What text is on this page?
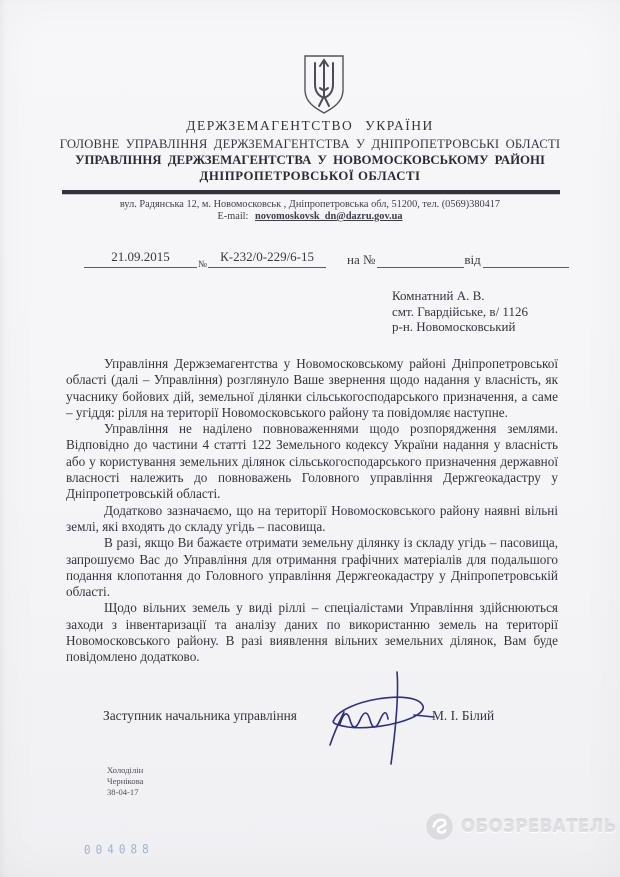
ДЕРЖЗЕМАГЕНТСТВО УКРАЇНИ
ГОЛОВНЕ УПРАВЛІННЯ ДЕРЖЗЕМАГЕНТСТВА У ДНІПРОПЕТРОВСЬКІ ОБЛАСТІ
УПРАВЛІННЯ ДЕРЖЗЕМАГЕНТСТВА У НОВОМОСКОВСЬКОМУ РАЙОНІ
ДНІПРОПЕТРОВСЬКОЇ ОБЛАСТІ
вул. Радянська 12, м. Новомосковськ , Дніпропетровська обл, 51200, тел. (0569)380417
E-mail: novomoskovsk_dn@dazru.gov.ua
$21.09.2015_№К-232/0-229/6-15$	на №	від
Комнатний А. В.
смт. Гвардійське, в/ 1126
р-н. Новомосковський

Управління Держземагентства у Новомосковському районі Дніпропетровської області (далі – Управління) розглянуло Ваше звернення щодо надання у власність, як учаснику бойових дій, земельної ділянки сільськогосподарського призначення, а саме – угіддя: рілля на території Новомосковського району та повідомляє наступне.

Управління не наділено повноваженнями щодо розпорядження землями. Відповідно до частини 4 статті 122 Земельного кодексу України надання у власність або у користування земельних ділянок сільськогосподарського призначення державної власності належить до повноважень Головного управління Держгеокадастру у Дніпропетровській області.

Додатково зазначаємо, що на території Новомосковського району наявні вільні землі, які входять до складу угідь – пасовища.

В разі, якщо Ви бажаєте отримати земельну ділянку із складу угідь – пасовища, запрошуємо Вас до Управління для отримання графічних матеріалів для подальшого подання клопотання до Головного управління Держгеокадастру у Дніпропетровській області.

Щодо вільних земель у виді ріллі – спеціалістами Управління здійснюються заходи з інвентаризації та аналізу даних по використанню земель на території Новомосковського району. В разі виявлення вільних земельних ділянок, Вам буде повідомлено додатково.

Заступник начальника управління	М. І. Білий
Холоділін
Чернікова
38-04-17
004088
ОБОЗРЕВАТЕЛЬ
